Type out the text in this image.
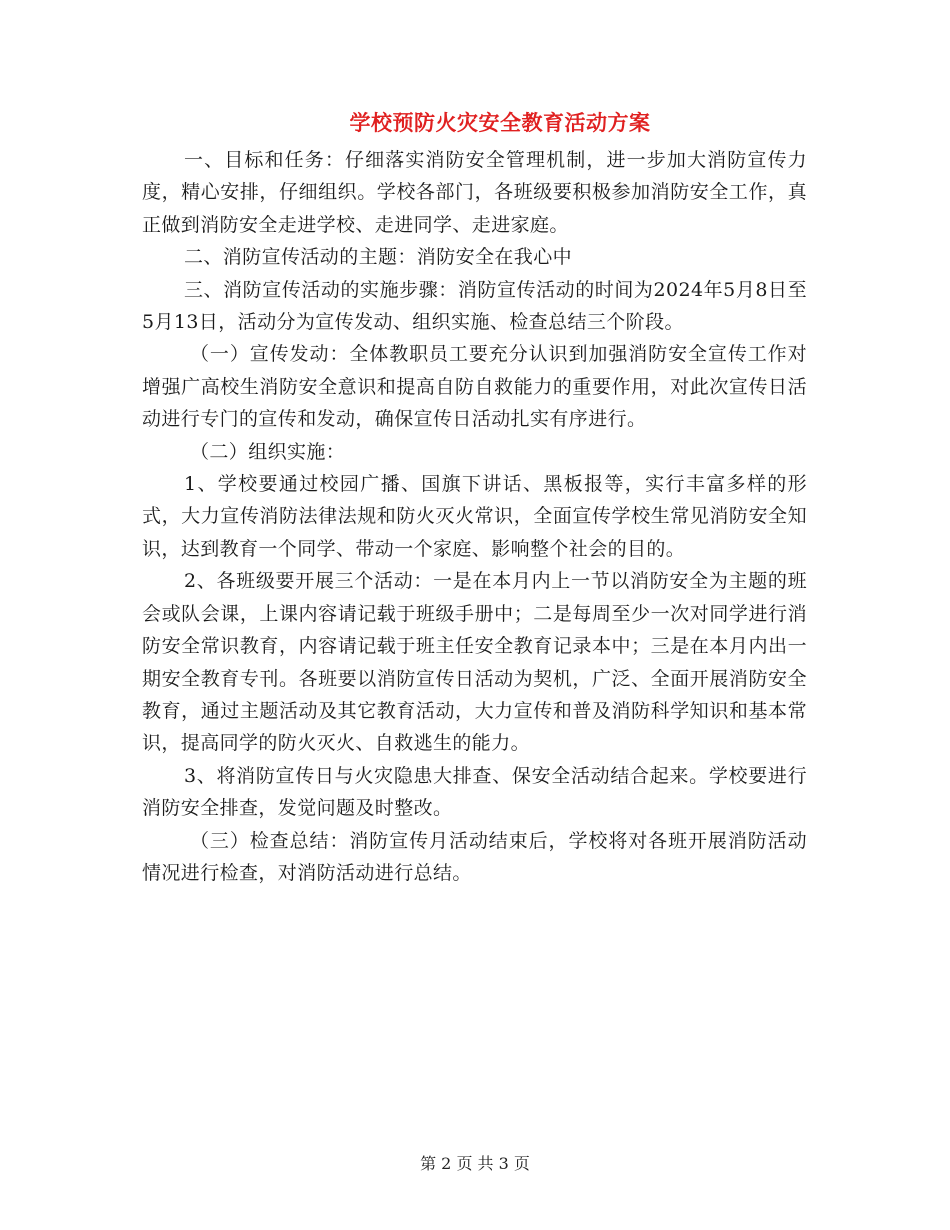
学校预防火灾安全教育活动方案

一、目标和任务：仔细落实消防安全管理机制，进一步加大消防宣传力度，精心安排，仔细组织。学校各部门，各班级要积极参加消防安全工作，真正做到消防安全走进学校、走进同学、走进家庭。

二、消防宣传活动的主题：消防安全在我心中

三、消防宣传活动的实施步骤：消防宣传活动的时间为2024年5月8日至5月13日，活动分为宣传发动、组织实施、检查总结三个阶段。

（一）宣传发动：全体教职员工要充分认识到加强消防安全宣传工作对增强广高校生消防安全意识和提高自防自救能力的重要作用，对此次宣传日活动进行专门的宣传和发动，确保宣传日活动扎实有序进行。

（二）组织实施：

1、学校要通过校园广播、国旗下讲话、黑板报等，实行丰富多样的形式，大力宣传消防法律法规和防火灭火常识，全面宣传学校生常见消防安全知识，达到教育一个同学、带动一个家庭、影响整个社会的目的。

2、各班级要开展三个活动：一是在本月内上一节以消防安全为主题的班会或队会课，上课内容请记载于班级手册中；二是每周至少一次对同学进行消防安全常识教育，内容请记载于班主任安全教育记录本中；三是在本月内出一期安全教育专刊。各班要以消防宣传日活动为契机，广泛、全面开展消防安全教育，通过主题活动及其它教育活动，大力宣传和普及消防科学知识和基本常识，提高同学的防火灭火、自救逃生的能力。

3、将消防宣传日与火灾隐患大排查、保安全活动结合起来。学校要进行消防安全排查，发觉问题及时整改。

（三）检查总结：消防宣传月活动结束后，学校将对各班开展消防活动情况进行检查，对消防活动进行总结。

第 2 页 共 3 页
